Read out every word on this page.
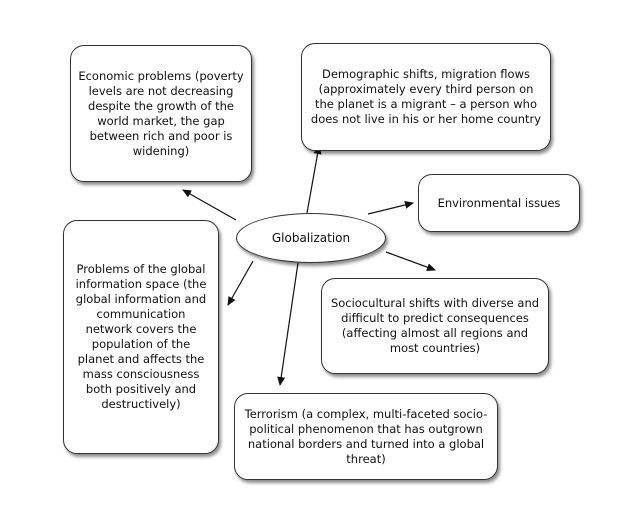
Globalization
Economic problems (poverty levels are not decreasing despite the growth of the world market, the gap between rich and poor is widening)
Demographic shifts, migration flows (approximately every third person on the planet is a migrant – a person who does not live in his or her home country
Environmental issues
Problems of the global information space (the global information and communication network covers the population of the planet and affects the mass consciousness both positively and destructively)
Sociocultural shifts with diverse and difficult to predict consequences (affecting almost all regions and most countries)
Terrorism (a complex, multi-faceted socio-political phenomenon that has outgrown national borders and turned into a global threat)
